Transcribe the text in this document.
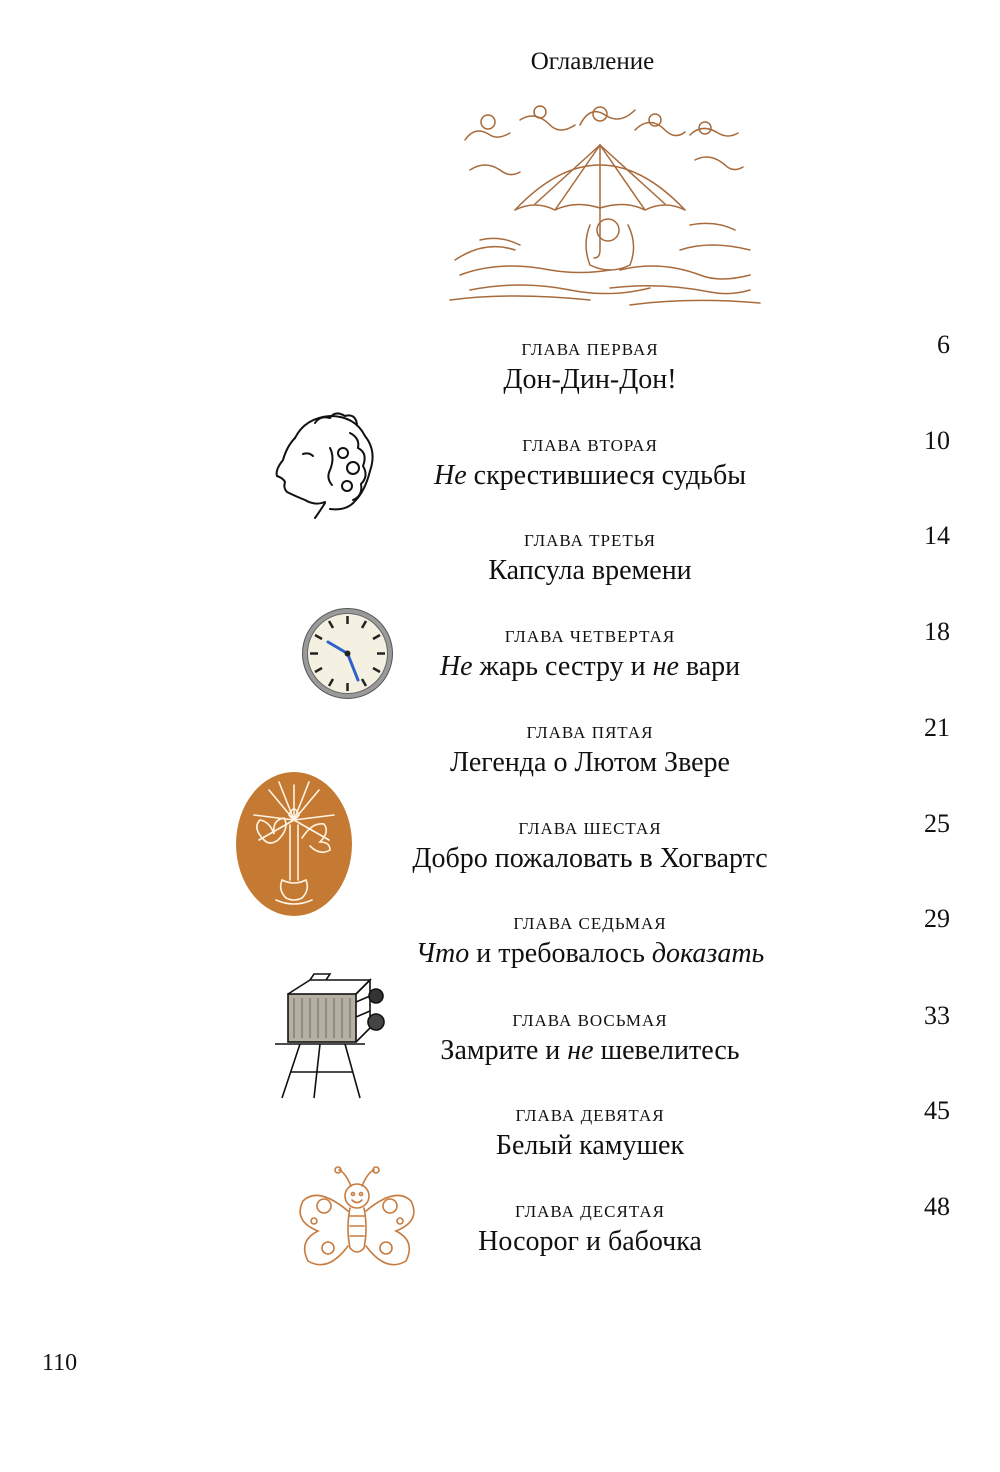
Оглавление
ГЛАВА ПЕРВАЯ
Дон-Дин-Дон!
6
ГЛАВА ВТОРАЯ
Не скрестившиеся судьбы
10
ГЛАВА ТРЕТЬЯ
Капсула времени
14
ГЛАВА ЧЕТВЕРТАЯ
Не жарь сестру и не вари
18
ГЛАВА ПЯТАЯ
Легенда о Лютом Звере
21
ГЛАВА ШЕСТАЯ
Добро пожаловать в Хогвартс
25
ГЛАВА СЕДЬМАЯ
Что и требовалось доказать
29
ГЛАВА ВОСЬМАЯ
Замрите и не шевелитесь
33
ГЛАВА ДЕВЯТАЯ
Белый камушек
45
ГЛАВА ДЕСЯТАЯ
Носорог и бабочка
48
110
